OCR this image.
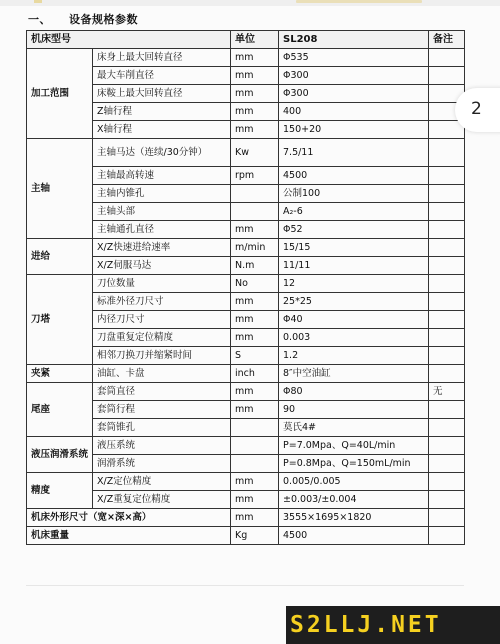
一、 设备规格参数
机床型号		单位	SL208	备注
加工范围	床身上最大回转直径	mm	Φ535	
	最大车削直径	mm	Φ300	
	床鞍上最大回转直径	mm	Φ300	
	Z轴行程	mm	400	
	X轴行程	mm	150+20	
主轴	主轴马达（连续/30分钟）	Kw	7.5/11	
	主轴最高转速	rpm	4500	
	主轴内锥孔		公制100	
	主轴头部		A₂-6	
	主轴通孔直径	mm	Φ52	
进给	X/Z快速进给速率	m/min	15/15	
	X/Z伺服马达	N.m	11/11	
刀塔	刀位数量	No	12	
	标准外径刀尺寸	mm	25*25	
	内径刀尺寸	mm	Φ40	
	刀盘重复定位精度	mm	0.003	
	相邻刀换刀并缩紧时间	S	1.2	
夹紧	油缸、卡盘	inch	8″中空油缸	
尾座	套筒直径	mm	Φ80	无
	套筒行程	mm	90	
	套筒锥孔		莫氏4#	
液压润滑系统	液压系统		P=7.0Mpa、Q=40L/min	
	润滑系统		P=0.8Mpa、Q=150mL/min	
精度	X/Z定位精度	mm	0.005/0.005	
	X/Z重复定位精度	mm	±0.003/±0.004	
机床外形尺寸（宽×深×高）		mm	3555×1695×1820	
机床重量		Kg	4500	
2
S2LLJ.NET
